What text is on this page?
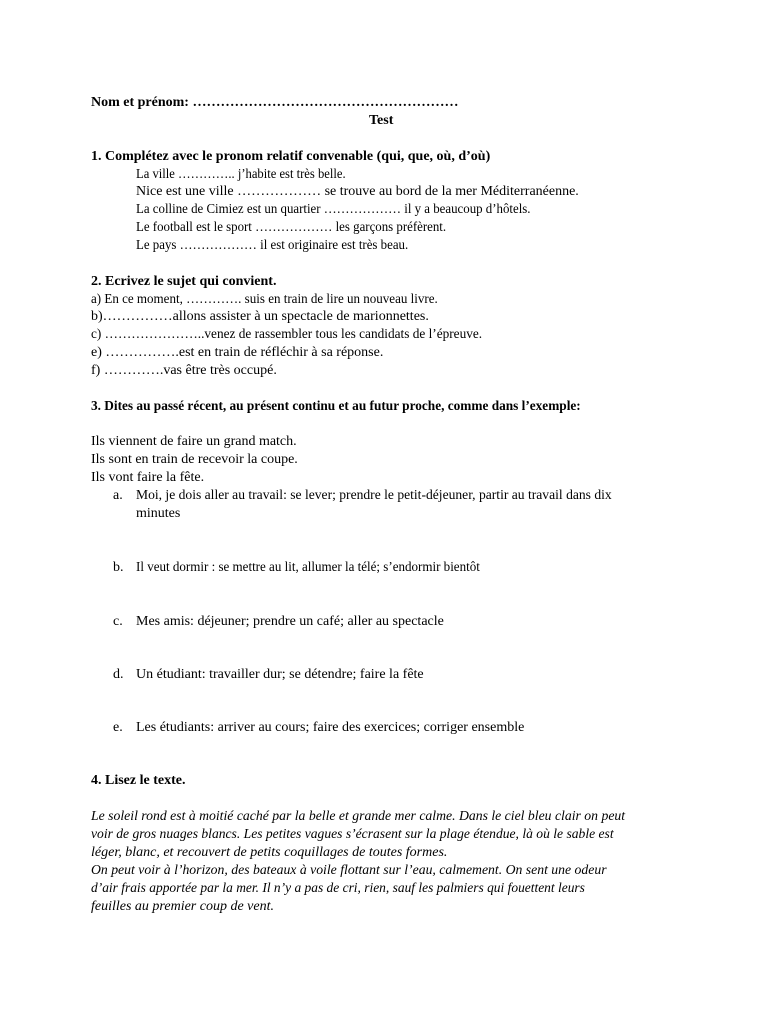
Nom et prénom: …………………………………………………
Test
1. Complétez avec le pronom relatif convenable (qui, que, où, d’où)
La ville ………….. j’habite est très belle.
Nice est une ville ……………… se trouve au bord de la mer Méditerranéenne.
La colline de Cimiez est un quartier ……………… il y a beaucoup d’hôtels.
Le football est le sport ……………… les garçons préfèrent.
Le pays ……………… il est originaire est très beau.
2. Ecrivez le sujet qui convient.
a) En ce moment, …………. suis en train de lire un nouveau livre.
b)……………allons assister à un spectacle de marionnettes.
c) …………………..venez de rassembler tous les candidats de l’épreuve.
e) …………….est en train de réfléchir à sa réponse.
f) ………….vas être très occupé.
3. Dites au passé récent, au présent continu et au futur proche, comme dans l’exemple:
Ils viennent de faire un grand match.
Ils sont en train de recevoir la coupe.
Ils vont faire la fête.
a. Moi, je dois aller au travail: se lever; prendre le petit-déjeuner, partir au travail dans dix
minutes
b. Il veut dormir : se mettre au lit, allumer la télé; s’endormir bientôt
c. Mes amis: déjeuner; prendre un café; aller au spectacle
d. Un étudiant: travailler dur; se détendre; faire la fête
e. Les étudiants: arriver au cours; faire des exercices; corriger ensemble
4. Lisez le texte.
Le soleil rond est à moitié caché par la belle et grande mer calme. Dans le ciel bleu clair on peut
voir de gros nuages blancs. Les petites vagues s’écrasent sur la plage étendue, là où le sable est
léger, blanc, et recouvert de petits coquillages de toutes formes.
On peut voir à l’horizon, des bateaux à voile flottant sur l’eau, calmement. On sent une odeur
d’air frais apportée par la mer. Il n’y a pas de cri, rien, sauf les palmiers qui fouettent leurs
feuilles au premier coup de vent.
